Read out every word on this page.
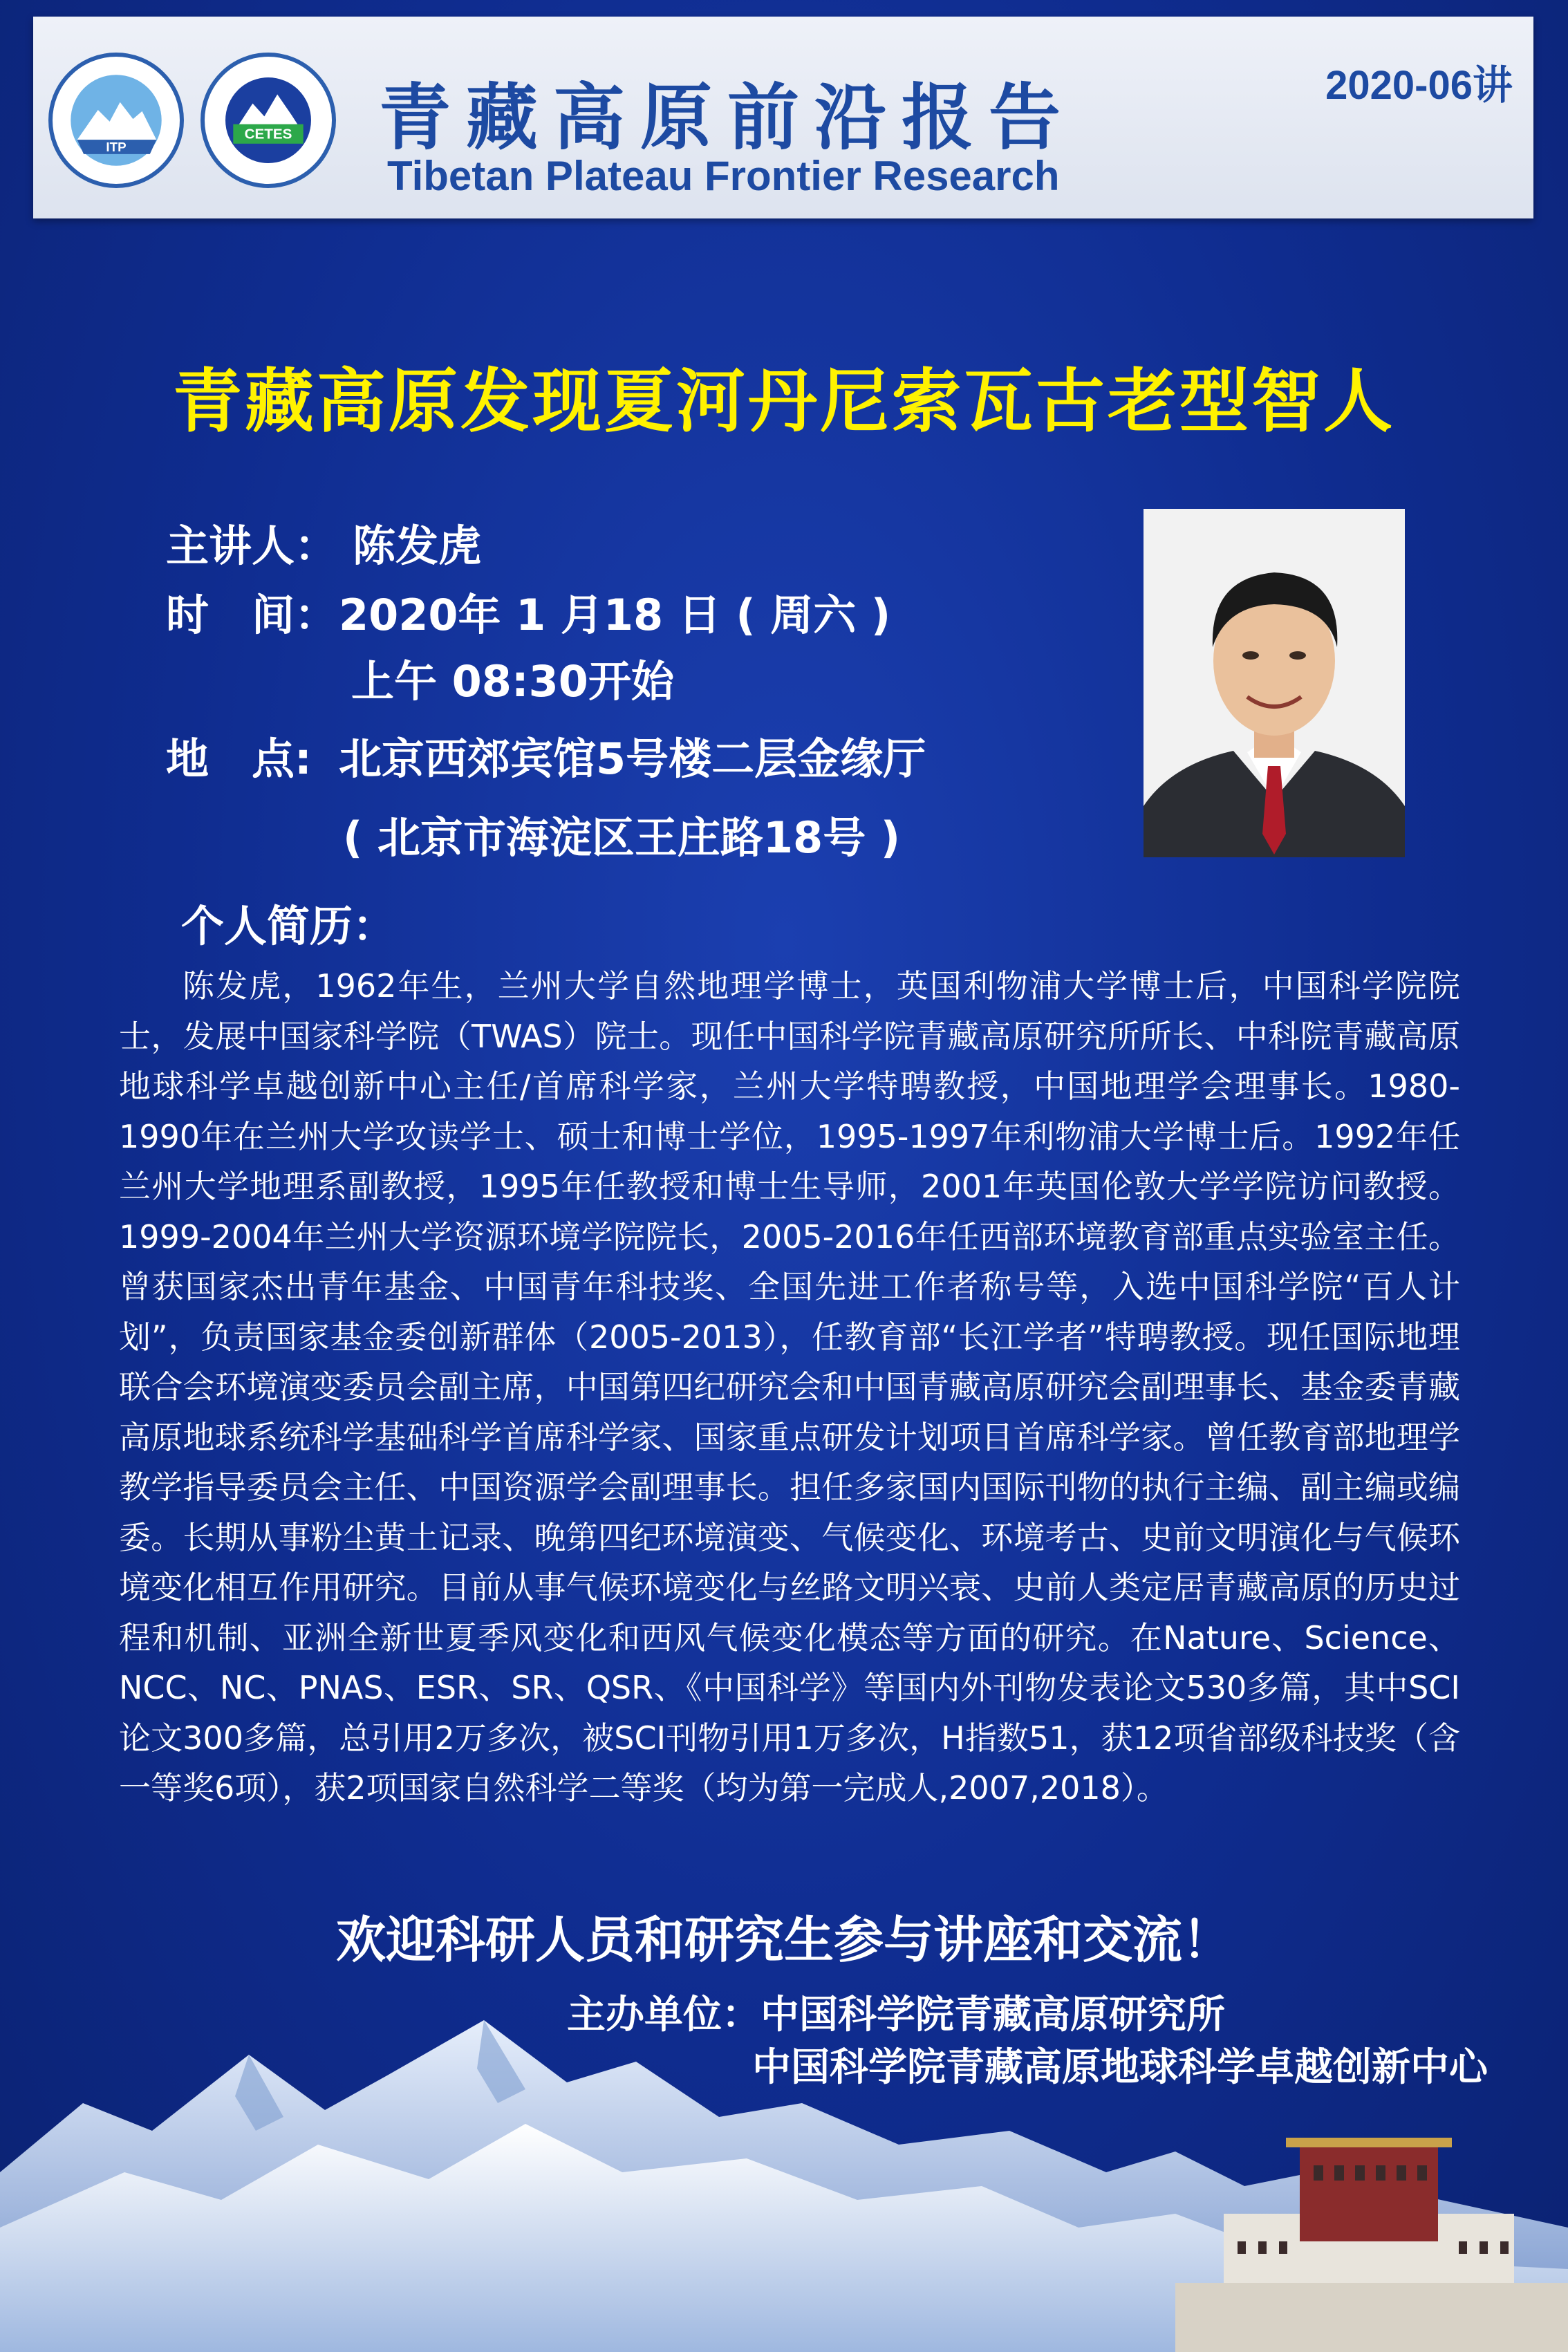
ITP
CETES 青藏高原前沿报告
Tibetan Plateau Frontier Research
2020-06讲
青藏高原发现夏河丹尼索瓦古老型智人
主讲人： 陈发虎
时　间：2020年 1 月18 日 ( 周六 )
上午 08:30开始
地　点: 北京西郊宾馆5号楼二层金缘厅
( 北京市海淀区王庄路18号 )
个人简历：
陈发虎，1962年生，兰州大学自然地理学博士，英国利物浦大学博士后，中国科学院院士，发展中国家科学院（TWAS）院士。现任中国科学院青藏高原研究所所长、中科院青藏高原地球科学卓越创新中心主任/首席科学家，兰州大学特聘教授，中国地理学会理事长。1980-1990年在兰州大学攻读学士、硕士和博士学位，1995-1997年利物浦大学博士后。1992年任兰州大学地理系副教授，1995年任教授和博士生导师，2001年英国伦敦大学学院访问教授。1999-2004年兰州大学资源环境学院院长，2005-2016年任西部环境教育部重点实验室主任。曾获国家杰出青年基金、中国青年科技奖、全国先进工作者称号等，入选中国科学院“百人计划”，负责国家基金委创新群体（2005-2013），任教育部“长江学者”特聘教授。现任国际地理联合会环境演变委员会副主席，中国第四纪研究会和中国青藏高原研究会副理事长、基金委青藏高原地球系统科学基础科学首席科学家、国家重点研发计划项目首席科学家。曾任教育部地理学教学指导委员会主任、中国资源学会副理事长。担任多家国内国际刊物的执行主编、副主编或编委。长期从事粉尘黄土记录、晚第四纪环境演变、气候变化、环境考古、史前文明演化与气候环境变化相互作用研究。目前从事气候环境变化与丝路文明兴衰、史前人类定居青藏高原的历史过程和机制、亚洲全新世夏季风变化和西风气候变化模态等方面的研究。在Nature、Science、NCC、NC、PNAS、ESR、SR、QSR、《中国科学》等国内外刊物发表论文530多篇，其中SCI论文300多篇，总引用2万多次，被SCI刊物引用1万多次，H指数51，获12项省部级科技奖（含一等奖6项），获2项国家自然科学二等奖（均为第一完成人,2007,2018）。
欢迎科研人员和研究生参与讲座和交流！
主办单位：中国科学院青藏高原研究所
中国科学院青藏高原地球科学卓越创新中心
